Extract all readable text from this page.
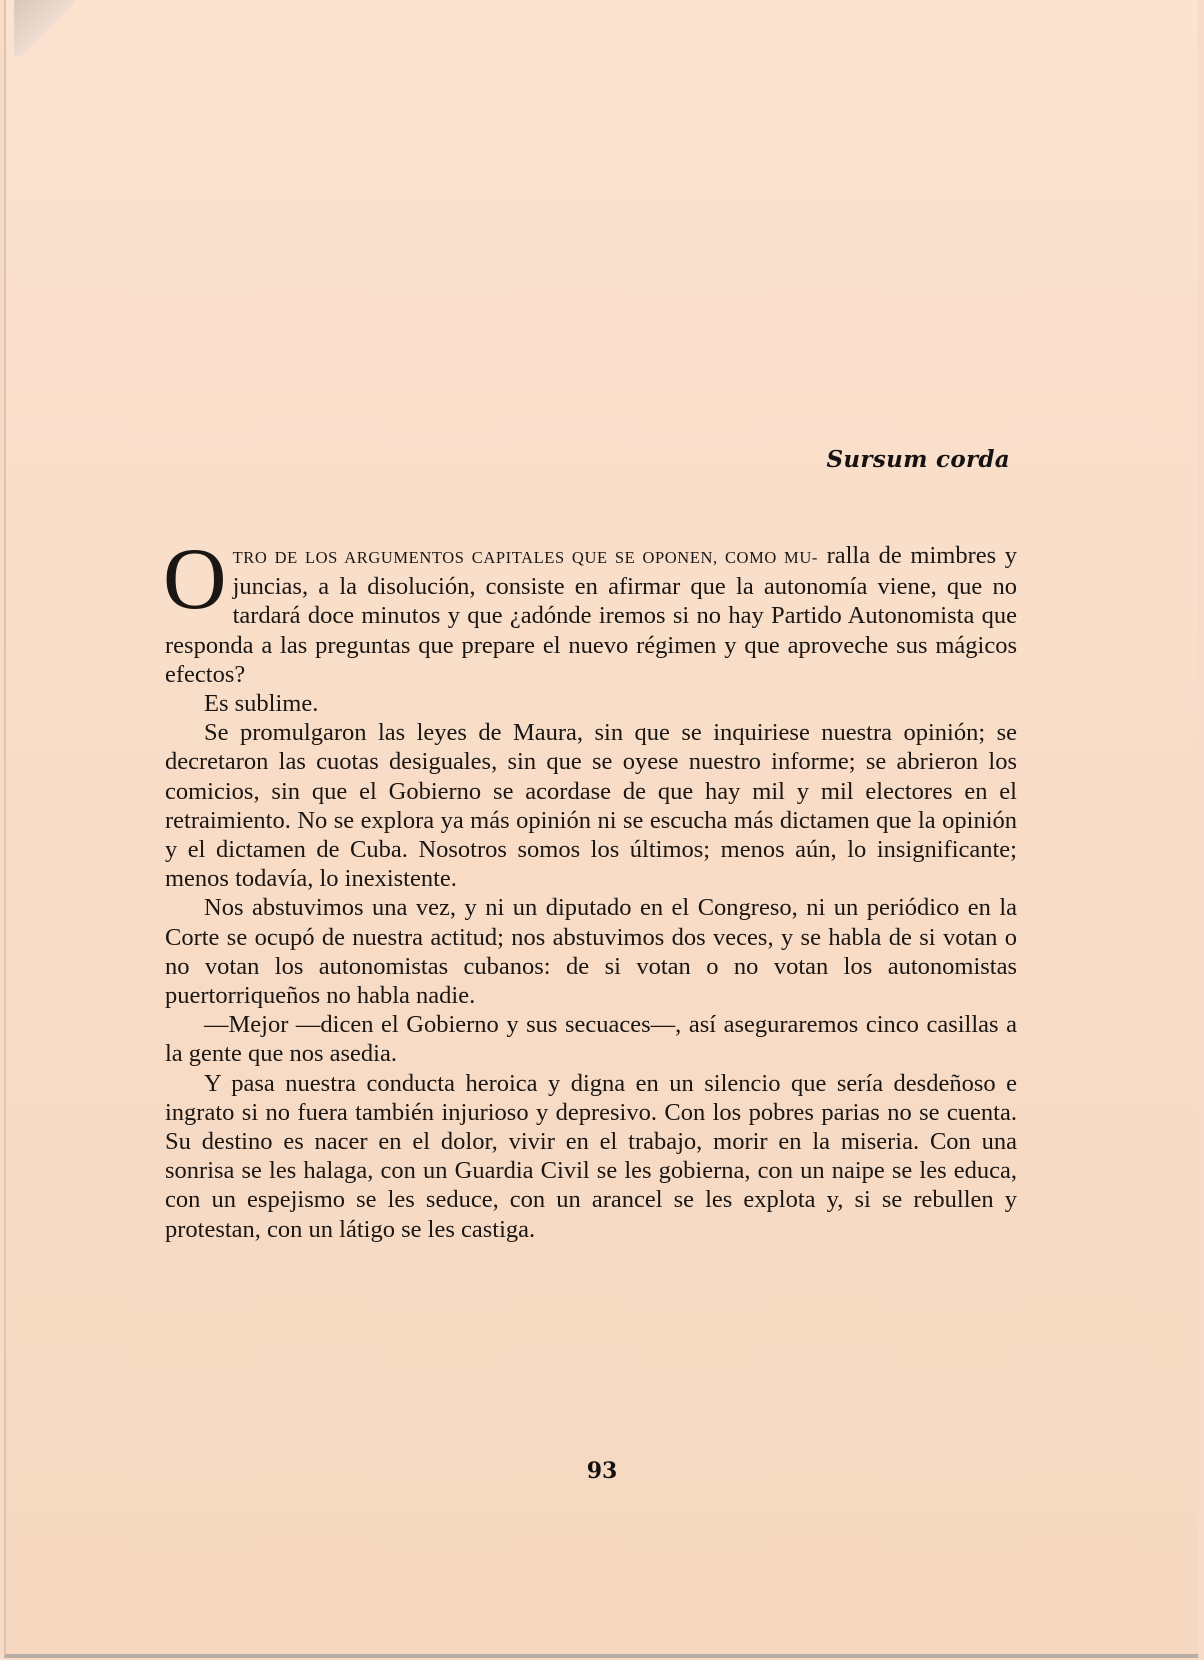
Sursum corda

OTRO DE LOS ARGUMENTOS CAPITALES QUE SE OPONEN, COMO MU- ralla de mimbres y juncias, a la disolución, consiste en afirmar que la autonomía viene, que no tardará doce minutos y que ¿adónde iremos si no hay Partido Autonomista que responda a las preguntas que prepare el nuevo régimen y que aproveche sus mágicos efectos?

Es sublime.

Se promulgaron las leyes de Maura, sin que se inquiriese nuestra opinión; se decretaron las cuotas desiguales, sin que se oyese nuestro informe; se abrieron los comicios, sin que el Gobierno se acordase de que hay mil y mil electores en el retraimiento. No se explora ya más opinión ni se escucha más dictamen que la opinión y el dictamen de Cuba. Nosotros somos los últimos; menos aún, lo insignificante; menos todavía, lo inexistente.

Nos abstuvimos una vez, y ni un diputado en el Congreso, ni un periódico en la Corte se ocupó de nuestra actitud; nos abstuvimos dos veces, y se habla de si votan o no votan los autonomistas cubanos: de si votan o no votan los autonomistas puertorriqueños no habla nadie.

—Mejor —dicen el Gobierno y sus secuaces—, así aseguraremos cinco casillas a la gente que nos asedia.

Y pasa nuestra conducta heroica y digna en un silencio que sería desdeñoso e ingrato si no fuera también injurioso y depresivo. Con los pobres parias no se cuenta. Su destino es nacer en el dolor, vivir en el trabajo, morir en la miseria. Con una sonrisa se les halaga, con un Guardia Civil se les gobierna, con un naipe se les educa, con un espejismo se les seduce, con un arancel se les explota y, si se rebullen y protestan, con un látigo se les castiga.

93
